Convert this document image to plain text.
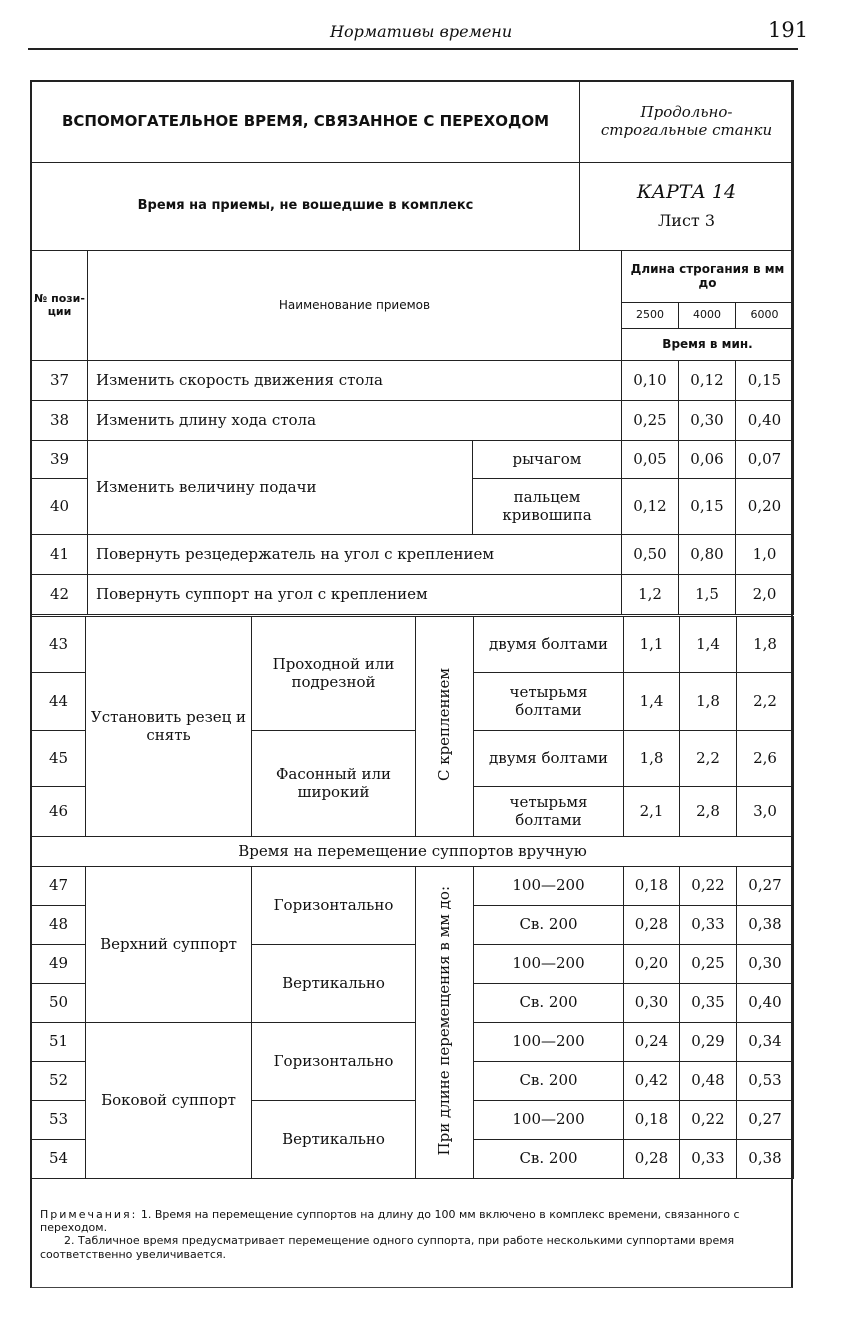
Нормативы времени	191
ВСПОМОГАТЕЛЬНОЕ ВРЕМЯ, СВЯЗАННОЕ С ПЕРЕХОДОМ	Продольно-строгальные станки
Время на приемы, не вошедшие в комплекс	КАРТА 14
Лист 3
№ пози-ции	Наименование приемов		Длина строгания в мм до		
			2500	4000	6000
			Время в мин.		
37	Изменить скорость движения стола		0,10	0,12	0,15
38	Изменить длину хода стола		0,25	0,30	0,40
39	Изменить величину подачи	рычагом	0,05	0,06	0,07
40		пальцем кривошипа	0,12	0,15	0,20
41	Повернуть резцедержатель на угол с креплением		0,50	0,80	1,0
42	Повернуть суппорт на угол с креплением		1,2	1,5	2,0
43	Установить резец и снять	Проходной или подрезной	С креплением	двумя болтами	1,1	1,4	1,8
44				четырьмя болтами	1,4	1,8	2,2
45		Фасонный или широкий		двумя болтами	1,8	2,2	2,6
46				четырьмя болтами	2,1	2,8	3,0
Время на перемещение суппортов вручную							
47	Верхний суппорт	Горизонтально	При длине перемещения в мм до:	100—200	0,18	0,22	0,27
48				Св. 200	0,28	0,33	0,38
49		Вертикально		100—200	0,20	0,25	0,30
50				Св. 200	0,30	0,35	0,40
51	Боковой суппорт	Горизонтально		100—200	0,24	0,29	0,34
52				Св. 200	0,42	0,48	0,53
53		Вертикально		100—200	0,18	0,22	0,27
54				Св. 200	0,28	0,33	0,38

Примечания: 1. Время на перемещение суппортов на длину до 100 мм включено в комплекс времени, связанного с переходом.

2. Табличное время предусматривает перемещение одного суппорта, при работе несколькими суппортами время соответственно увеличивается.
